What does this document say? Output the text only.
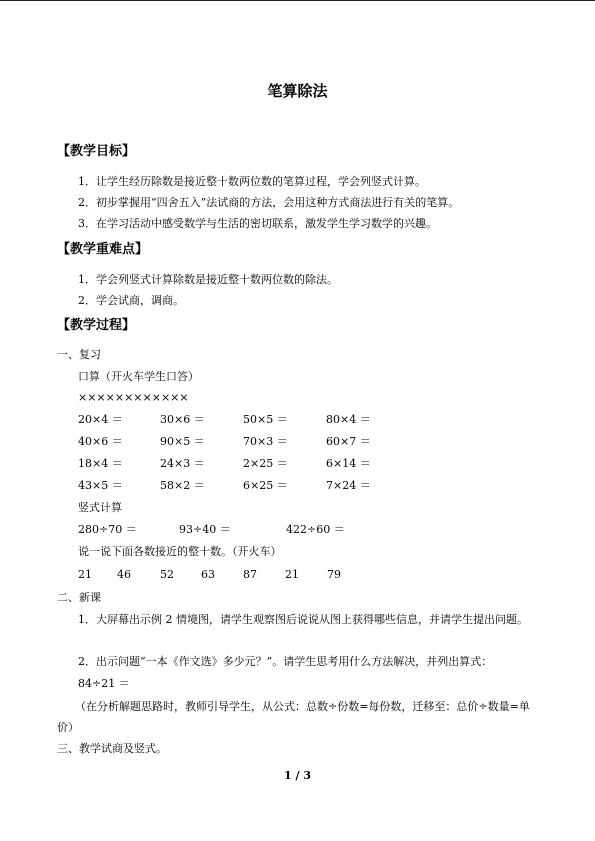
笔算除法
【教学目标】
1．让学生经历除数是接近整十数两位数的笔算过程，学会列竖式计算。
2．初步掌握用“四舍五入”法试商的方法，会用这种方式商法进行有关的笔算。
3．在学习活动中感受数学与生活的密切联系，激发学生学习数学的兴趣。
【教学重难点】
1．学会列竖式计算除数是接近整十数两位数的除法。
2．学会试商，调商。
【教学过程】
一、复习
口算（开火车学生口答）
××××××××××××
20×4 ＝	30×6 ＝	50×5 ＝	80×4 ＝
40×6 ＝	90×5 ＝	70×3 ＝	60×7 ＝
18×4 ＝	24×3 ＝	2×25 ＝	6×14 ＝
43×5 ＝	58×2 ＝	6×25 ＝	7×24 ＝
竖式计算
280÷70 ＝	93÷40 ＝	422÷60 ＝
说一说下面各数接近的整十数。（开火车）
21 46	52 63	87	21	79
二、新课
1．大屏幕出示例 2 情境图，请学生观察图后说说从图上获得哪些信息，并请学生提出问题。
2．出示问题“一本《作文选》多少元？”。请学生思考用什么方法解决，并列出算式：
84÷21 ＝
（在分析解题思路时，教师引导学生，从公式：总数÷份数=每份数，迁移至：总价÷数量=单价）
三、教学试商及竖式。
1 / 3
